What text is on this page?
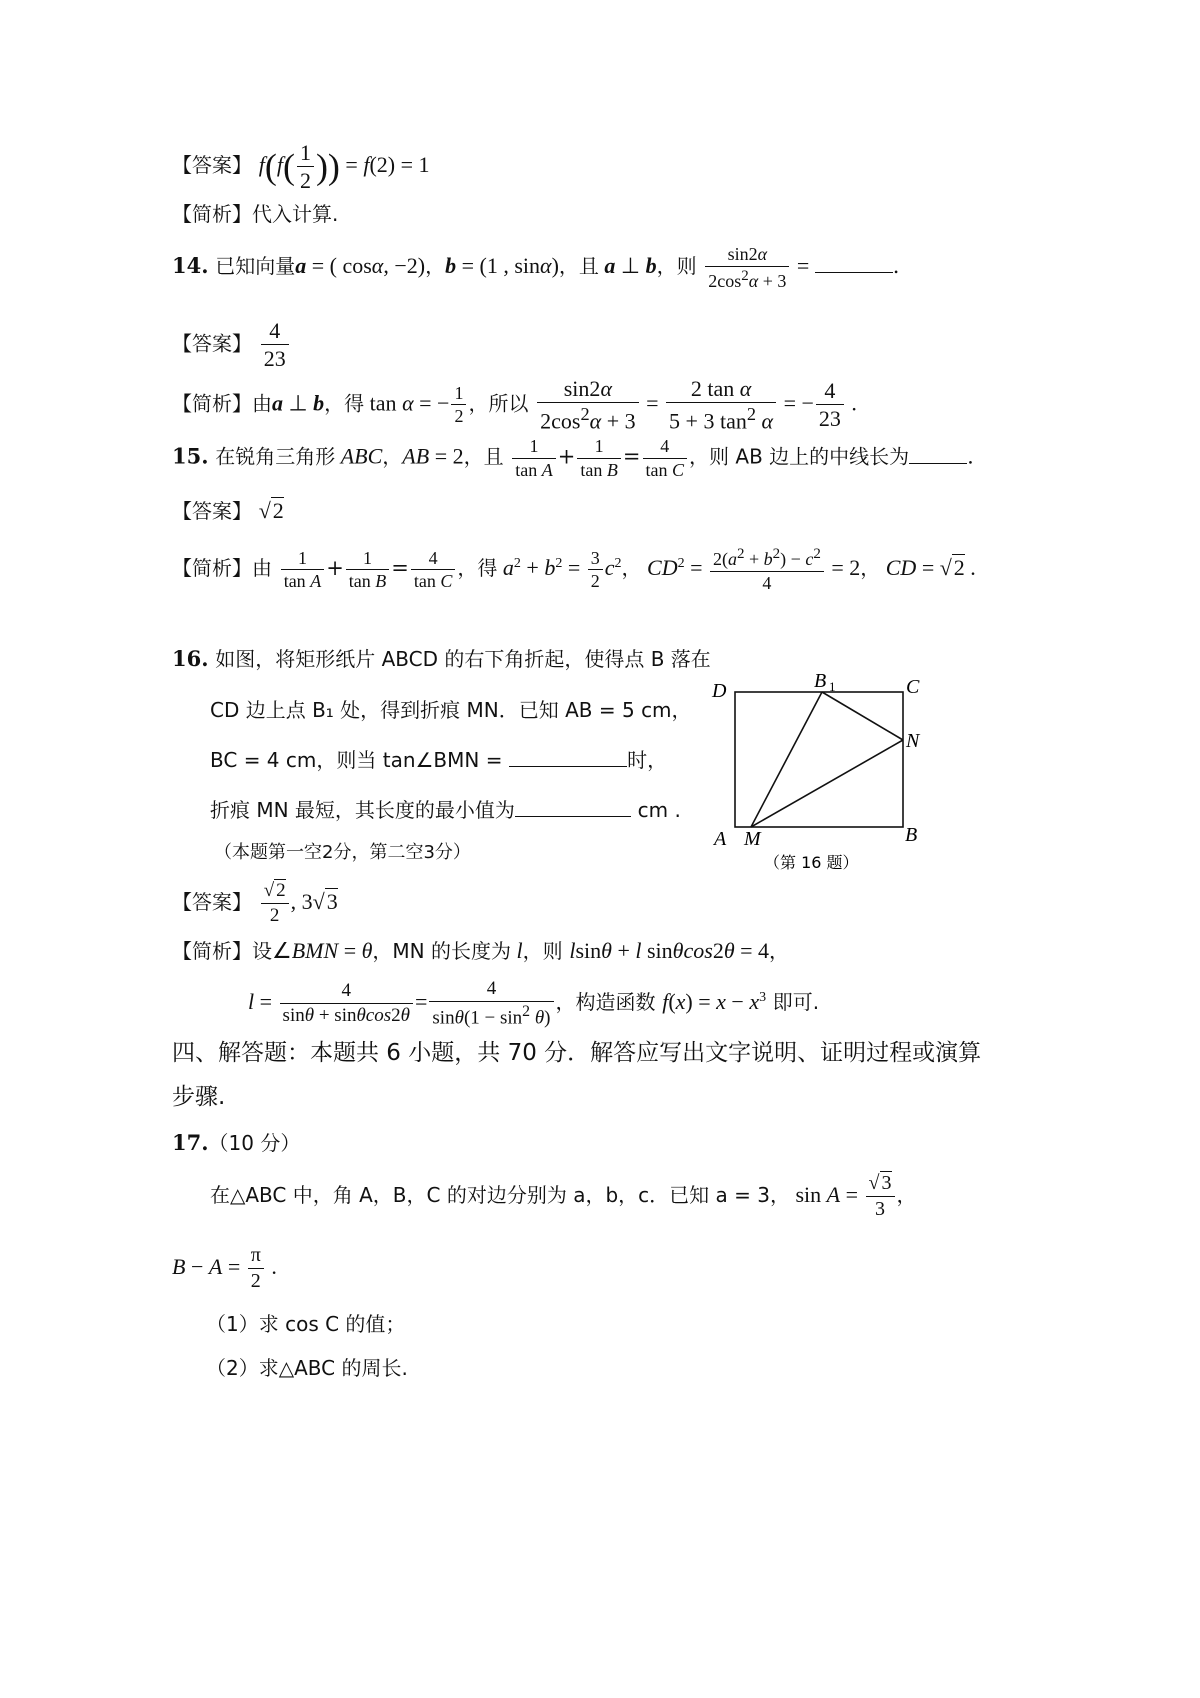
【答案】 $f(f( \frac{1}{2}$ )) = f(2) = 1
【简析】代入计算.
14. 已知向量a = ( cosα, −2)，b = (1 , sinα)，且 a ⊥ b，则 $\frac{\sin 2\alpha}{2\cos^2\alpha + 3}$ =	.
【答案】 $\frac{4}{23}$
【简析】由a ⊥ b，得 tan α = − $\frac{1}{2}$ ，所以 $\frac{\sin 2\alpha}{2\cos^2\alpha + 3} = \frac{\text{2 tan α}}{5 + 3 \tan^2 \alpha}$ = − $\frac{4}{23}$ .
15. 在锐角三角形 ABC，AB = 2，且 $\frac{1}{\text{tan A}} + \frac{1}{\text{tan B}} = \frac{4}{\text{tan C}}$ ，则 AB 边上的中线长为	.
【答案】 √2
【简析】由 $\frac{1}{\text{tan A}} + \frac{1}{\text{tan B}} = \frac{4}{\text{tan C}}$ ，得 $a^2 + b^2 = \frac{3}{2} c^2$， $CD^2 = \frac{2(a^2 + b^2) - c^2}{4} = 2$， CD = √2 .
16. 如图，将矩形纸片 ABCD 的右下角折起，使得点 B 落在
CD 边上点 B₁ 处，得到折痕 MN．已知 AB = 5 cm，
BC = 4 cm，则当 tan∠BMN =	时，
折痕 MN 最短，其长度的最小值为	cm .
（本题第一空2分，第二空3分）
D	B 1	C
N
A M	B
（第 16 题）
【答案】 $\frac{√ 2}{2}$ , 3√3
【简析】设∠BMN = θ，MN 的长度为 l，则 lsinθ + l sinθcos2θ = 4，
$l = \frac{4}{\sin\theta + \sin\theta\cos 2\theta} = \frac{4}{\sin\theta(1 - \sin^2 \theta)}$ ，构造函数 $f(x) = x - x^3$ 即可.
四、解答题：本题共 6 小题，共 70 分．解答应写出文字说明、证明过程或演算
步骤.
17.（10 分）
在△ABC 中，角 A，B，C 的对边分别为 a，b，c．已知 a = 3， $\sin A = \frac{√ 3}{3}$ ，
$B - A = \frac{\pi}{2}$ .
（1）求 cos C 的值；
（2）求△ABC 的周长.
